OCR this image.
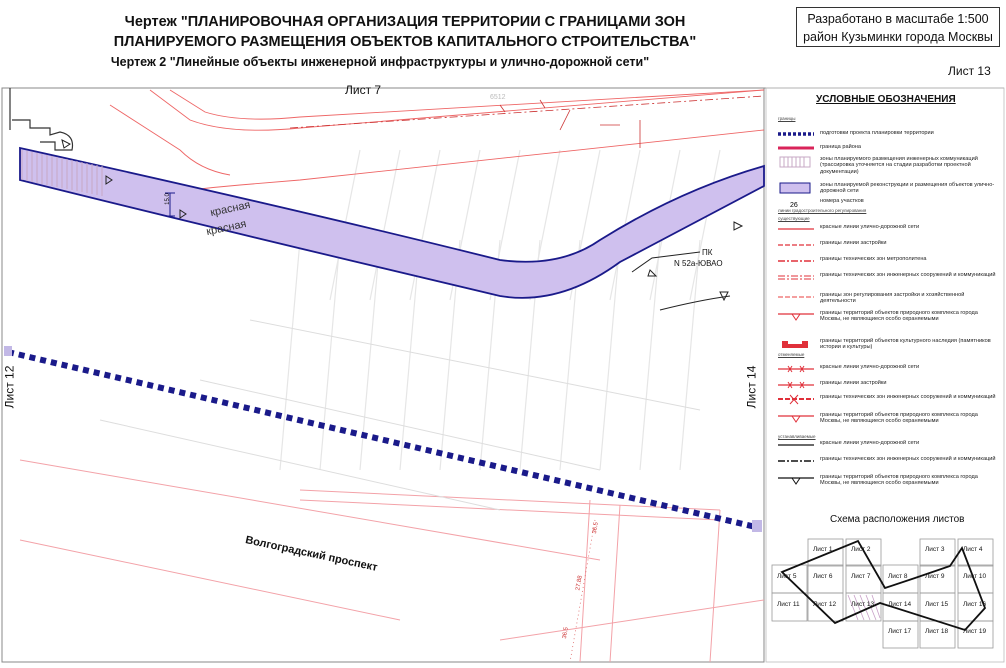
Чертеж "ПЛАНИРОВОЧНАЯ ОРГАНИЗАЦИЯ ТЕРРИТОРИИ С ГРАНИЦАМИ ЗОН
ПЛАНИРУЕМОГО РАЗМЕЩЕНИЯ ОБЪЕКТОВ КАПИТАЛЬНОГО СТРОИТЕЛЬСТВА"
Чертеж 2 "Линейные объекты инженерной инфраструктуры и улично-дорожной сети"
Разработано в масштабе 1:500
район Кузьминки города Москвы
Лист 13
Лист 7
Лист 12	Лист 14
красная
красная
15.0
ПК
N 52а-ЮВАО
Волгоградский проспект
36.5
27.88
36.5
6512	УСЛОВНЫЕ ОБОЗНАЧЕНИЯ
границы
подготовки проекта планировки территории
граница района
зоны планируемого размещения инженерных коммуникаций (трассировка уточняется на стадии разработки проектной документации)
зоны планируемой реконструкции и размещения объектов улично-дорожной сети
26
номера участков
красные линии улично-дорожной сети
границы линии застройки
границы технических зон метрополитена
границы технических зон инженерных сооружений и коммуникаций
границы зон регулирования застройки и хозяйственной деятельности
границы территорий объектов природного комплекса города Москвы, не являющиеся особо охраняемыми
границы территорий объектов культурного наследия (памятников истории и культуры)
красные линии улично-дорожной сети
границы линии застройки
границы технических зон инженерных сооружений и коммуникаций
границы территорий объектов природного комплекса города Москвы, не являющиеся особо охраняемыми
красные линии улично-дорожной сети
границы технических зон инженерных сооружений и коммуникаций
границы территорий объектов природного комплекса города Москвы, не являющиеся особо охраняемыми
линии градостроительного регулирования
существующие
отменяемые
устанавливаемые
Схема расположения листов
Лист 1	Лист 2	Лист 3	Лист 4
Лист 5	Лист 6	Лист 7	Лист 8	Лист 9	Лист 10
Лист 11 Лист 12 Лист 13 Лист 14 Лист 15 Лист 16
Лист 17 Лист 18 Лист 19
